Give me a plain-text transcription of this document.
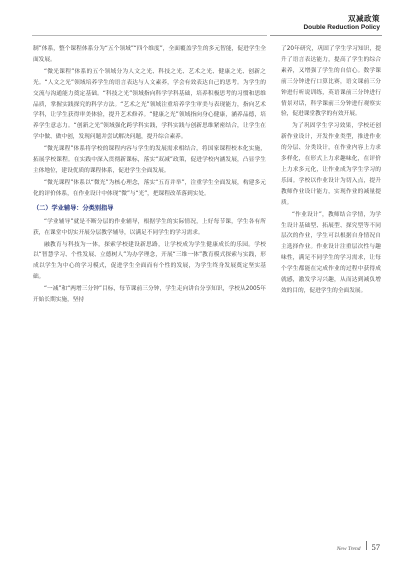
双减政策
Double Reduction Policy

制”体系，整个课程体系分为“五个领域”“四个维度”，全面覆盖学生的多元智能，促进学生全面发展。

“微光课程”体系的五个领域分为人文之光、科技之光、艺术之光、健康之光、创新之光。“人文之光”领域培养学生的语言表达与人文素养，学会有效表达自己的思考。为学生的交流与沟通能力奠定基础。“科技之光”领域指向科学学科基础，培养积极思考的习惯和思维品质，掌握实践探究的科学方法。“艺术之光”领域注重培养学生审美与表现能力，指向艺术学科，让学生获得审美体验，提升艺术修养。“健康之光”领域指向身心健康，涵养品德，培养学生意志力。“创新之光”领域强化跨学科实践，学科实践与创新思维紧密结合，让学生在学中做、做中创，发现问题并尝试解决问题，提升综合素养。

“微光课程”体系将学校的课程内容与学生的发展需求相结合，将国家课程校本化实施，拓展学校课程。在实践中深入贯彻新课标，落实“双减”政策，促进学校内涵发展，凸显学生主体地位，建设优质的课程体系，促进学生全面发展。

“微光课程”体系以“微光”为核心理念，落实“五育并举”，注重学生全面发展，构建多元化的评价体系，在作业设计中体现“微”与“光”，把课程改革落到实处。

（二）学业辅导：分类别指导

“学业辅导”就是不断分层的作业辅导，根据学生的实际情况，上好每节课，学生各有所获，在课堂中切实开展分层教学辅导，以满足不同学生的学习需求。

融教育与科技为一体，探索学校建设新思路，让学校成为学生健康成长的乐园。学校以“智慧学习、个性发展、立德树人”为办学理念，开展“三维一体”教育模式探索与实践，形成以学生为中心的学习模式，促进学生全面而有个性的发展，为学生终身发展奠定坚实基础。

“一减”和“两增三分钟”目标，每节课前三分钟，学生走向讲台分享知识，学校从2005年开始长期实施，坚持

了20年研究，巩固了学生学习知识，提升了语言表达能力，提高了学生的综合素养，又增强了学生的自信心。数学课前三分钟进行口算比赛，语文课前三分钟进行听说训练，英语课前三分钟进行情景对话，科学课前三分钟进行观察实验，促进课堂教学的有效开展。

为了巩固学生学习效果，学校还创新作业设计，开发作业类型，推进作业的分层、分类设计，在作业内容上力求多样化，在形式上力求趣味化，在评价上力求多元化，让作业成为学生学习的乐园。学校以作业设计为切入点，提升教师作业设计能力，实现作业的减量提质。

“作业设计”，教师结合学情，为学生设计基础型、拓展型、探究型等不同层次的作业，学生可以根据自身情况自主选择作业。作业设计注重层次性与趣味性，满足不同学生的学习需求，让每个学生都能在完成作业的过程中获得成就感，激发学习兴趣，从而达到减负增效的目的，促进学生的全面发展。

New Trend 57
